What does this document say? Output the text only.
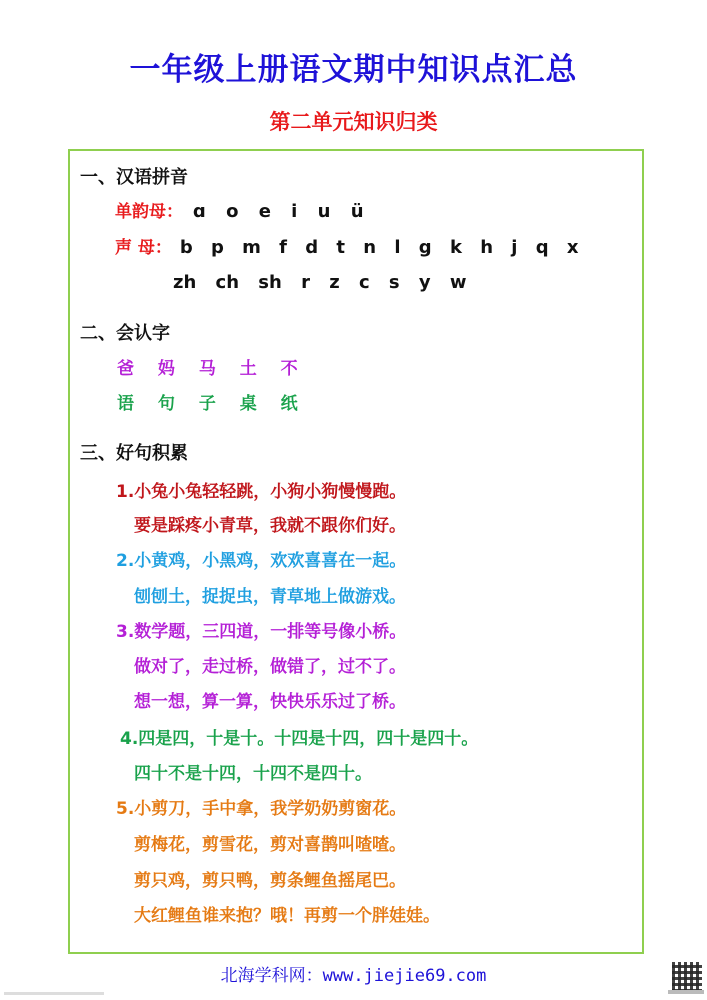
一年级上册语文期中知识点汇总
第二单元知识归类
一、汉语拼音
单韵母： ɑ o e i u ü
声 母： b p m f d t n l g k h j q x
zh ch sh r z c s y w
二、会认字
爸 妈 马 土 不
语 句 子 桌 纸
三、好句积累
1.小兔小兔轻轻跳，小狗小狗慢慢跑。
要是踩疼小青草，我就不跟你们好。
2.小黄鸡，小黑鸡，欢欢喜喜在一起。
刨刨土，捉捉虫，青草地上做游戏。
3.数学题，三四道，一排等号像小桥。
做对了，走过桥，做错了，过不了。
想一想，算一算，快快乐乐过了桥。
4.四是四，十是十。十四是十四，四十是四十。
四十不是十四，十四不是四十。
5.小剪刀，手中拿，我学奶奶剪窗花。
剪梅花，剪雪花，剪对喜鹊叫喳喳。
剪只鸡，剪只鸭，剪条鲤鱼摇尾巴。
大红鲤鱼谁来抱？哦！再剪一个胖娃娃。
北海学科网：www.jiejie69.com
